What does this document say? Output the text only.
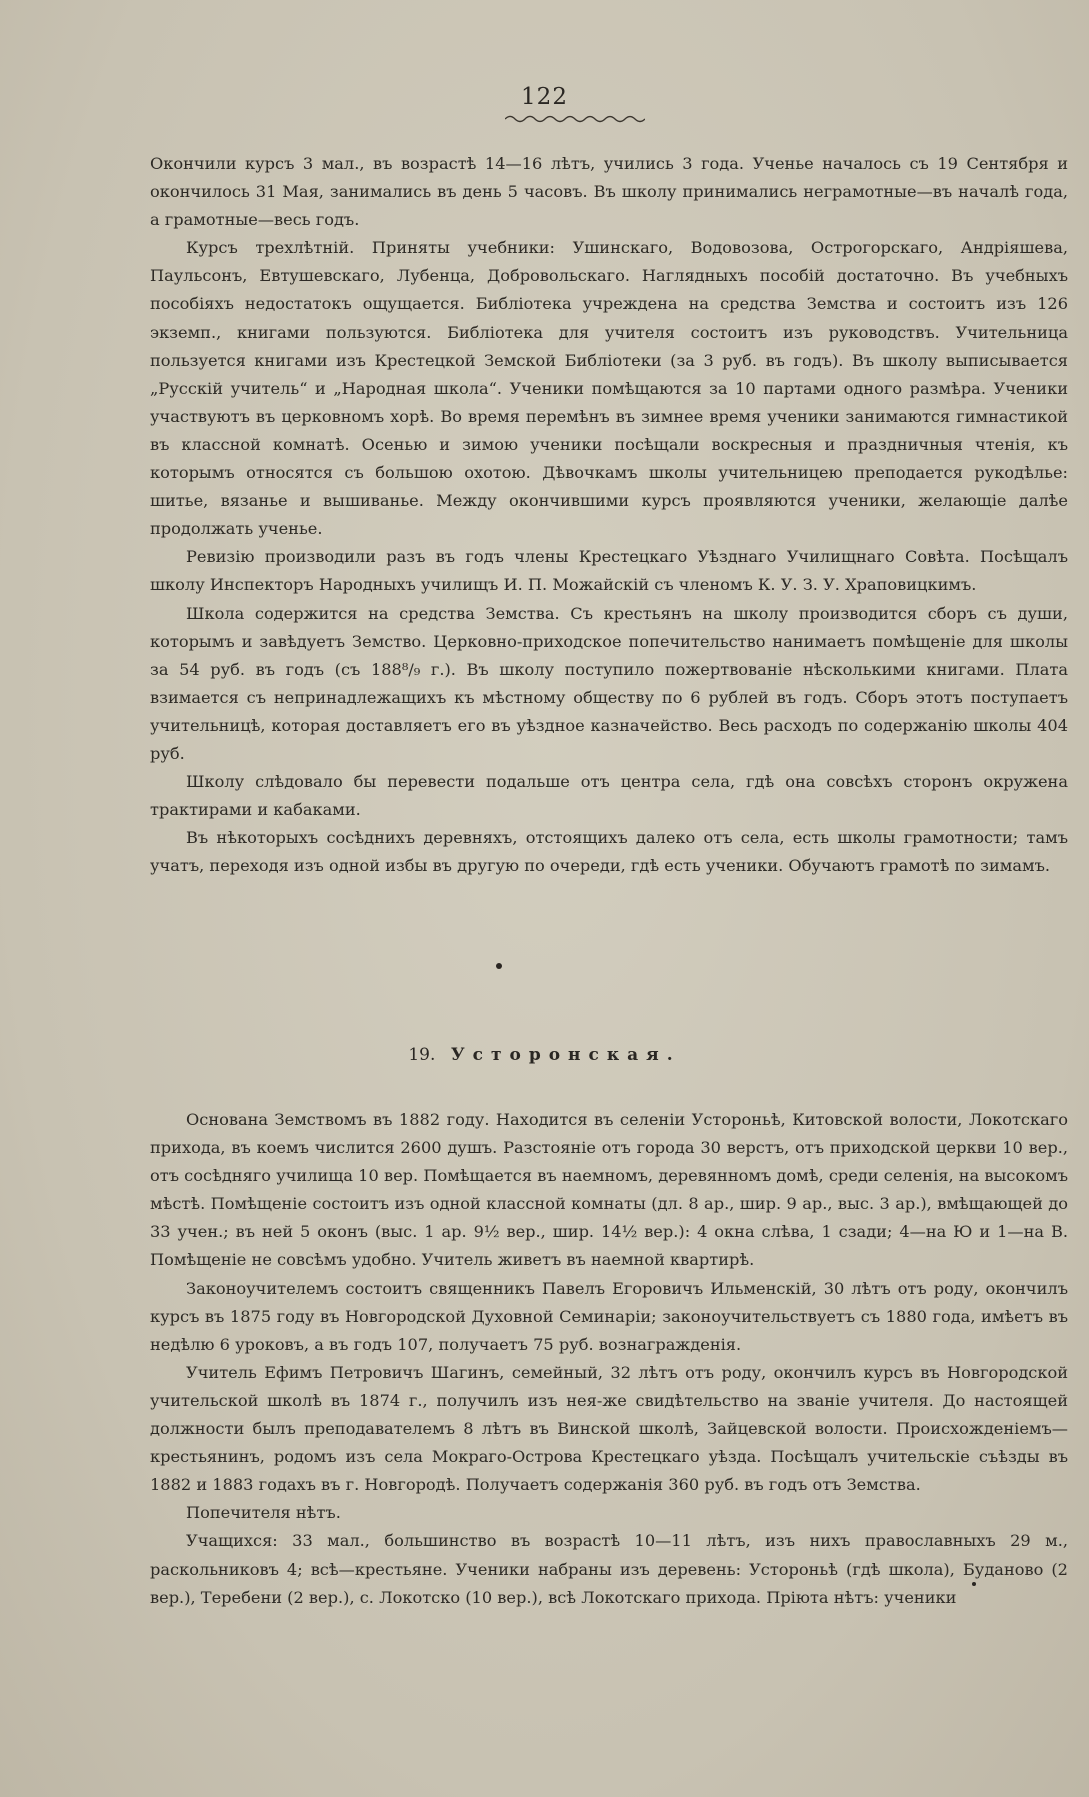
122

Окончили курсъ 3 мал., въ возрастѣ 14—16 лѣтъ, учились 3 года. Ученье началось съ 19 Сентября и окончилось 31 Мая, занимались въ день 5 часовъ. Въ школу принимались неграмотные—въ началѣ года, а грамотные—весь годъ.

Курсъ трехлѣтній. Приняты учебники: Ушинскаго, Водовозова, Острогорскаго, Андріяшева, Паульсонъ, Евтушевскаго, Лубенца, Добровольскаго. Наглядныхъ пособій достаточно. Въ учебныхъ пособіяхъ недостатокъ ощущается. Библіотека учреждена на средства Земства и состоитъ изъ 126 экземп., книгами пользуются. Библіотека для учителя состоитъ изъ руководствъ. Учительница пользуется книгами изъ Крестецкой Земской Библіотеки (за 3 руб. въ годъ). Въ школу выписывается „Русскій учитель“ и „Народная школа“. Ученики помѣщаются за 10 партами одного размѣра. Ученики участвуютъ въ церковномъ хорѣ. Во время перемѣнъ въ зимнее время ученики занимаются гимнастикой въ классной комнатѣ. Осенью и зимою ученики посѣщали воскресныя и праздничныя чтенія, къ которымъ относятся съ большою охотою. Дѣвочкамъ школы учительницею преподается рукодѣлье: шитье, вязанье и вышиванье. Между окончившими курсъ проявляются ученики, желающіе далѣе продолжать ученье.

Ревизію производили разъ въ годъ члены Крестецкаго Уѣзднаго Училищнаго Совѣта. Посѣщалъ школу Инспекторъ Народныхъ училищъ И. П. Можайскій съ членомъ К. У. З. У. Храповицкимъ.

Школа содержится на средства Земства. Съ крестьянъ на школу производится сборъ съ души, которымъ и завѣдуетъ Земство. Церковно-приходское попечительство нанимаетъ помѣщеніе для школы за 54 руб. въ годъ (съ 188⁸/₉ г.). Въ школу поступило пожертвованіе нѣсколькими книгами. Плата взимается съ непринадлежащихъ къ мѣстному обществу по 6 рублей въ годъ. Сборъ этотъ поступаетъ учительницѣ, которая доставляетъ его въ уѣздное казначейство. Весь расходъ по содержанію школы 404 руб.

Школу слѣдовало бы перевести подальше отъ центра села, гдѣ она совсѣхъ сторонъ окружена трактирами и кабаками.

Въ нѣкоторыхъ сосѣднихъ деревняхъ, отстоящихъ далеко отъ села, есть школы грамотности; тамъ учатъ, переходя изъ одной избы въ другую по очереди, гдѣ есть ученики. Обучаютъ грамотѣ по зимамъ.

19. Усторонская.

Основана Земствомъ въ 1882 году. Находится въ селеніи Устороньѣ, Китовской волости, Локотскаго прихода, въ коемъ числится 2600 душъ. Разстояніе отъ города 30 верстъ, отъ приходской церкви 10 вер., отъ сосѣдняго училища 10 вер. Помѣщается въ наемномъ, деревянномъ домѣ, среди селенія, на высокомъ мѣстѣ. Помѣщеніе состоитъ изъ одной классной комнаты (дл. 8 ар., шир. 9 ар., выс. 3 ар.), вмѣщающей до 33 учен.; въ ней 5 оконъ (выс. 1 ар. 9½ вер., шир. 14½ вер.): 4 окна слѣва, 1 сзади; 4—на Ю и 1—на В. Помѣщеніе не совсѣмъ удобно. Учитель живетъ въ наемной квартирѣ.

Законоучителемъ состоитъ священникъ Павелъ Егоровичъ Ильменскій, 30 лѣтъ отъ роду, окончилъ курсъ въ 1875 году въ Новгородской Духовной Семинаріи; законоучительствуетъ съ 1880 года, имѣетъ въ недѣлю 6 уроковъ, а въ годъ 107, получаетъ 75 руб. вознагражденія.

Учитель Ефимъ Петровичъ Шагинъ, семейный, 32 лѣтъ отъ роду, окончилъ курсъ въ Новгородской учительской школѣ въ 1874 г., получилъ изъ нея-же свидѣтельство на званіе учителя. До настоящей должности былъ преподавателемъ 8 лѣтъ въ Винской школѣ, Зайцевской волости. Происхожденіемъ—крестьянинъ, родомъ изъ села Мокраго-Острова Крестецкаго уѣзда. Посѣщалъ учительскіе съѣзды въ 1882 и 1883 годахъ въ г. Новгородѣ. Получаетъ содержанія 360 руб. въ годъ отъ Земства.

Попечителя нѣтъ.

Учащихся: 33 мал., большинство въ возрастѣ 10—11 лѣтъ, изъ нихъ православныхъ 29 м., раскольниковъ 4; всѣ—крестьяне. Ученики набраны изъ деревень: Устороньѣ (гдѣ школа), Буданово (2 вер.), Теребени (2 вер.), с. Локотско (10 вер.), всѣ Локотскаго прихода. Пріюта нѣтъ: ученики
